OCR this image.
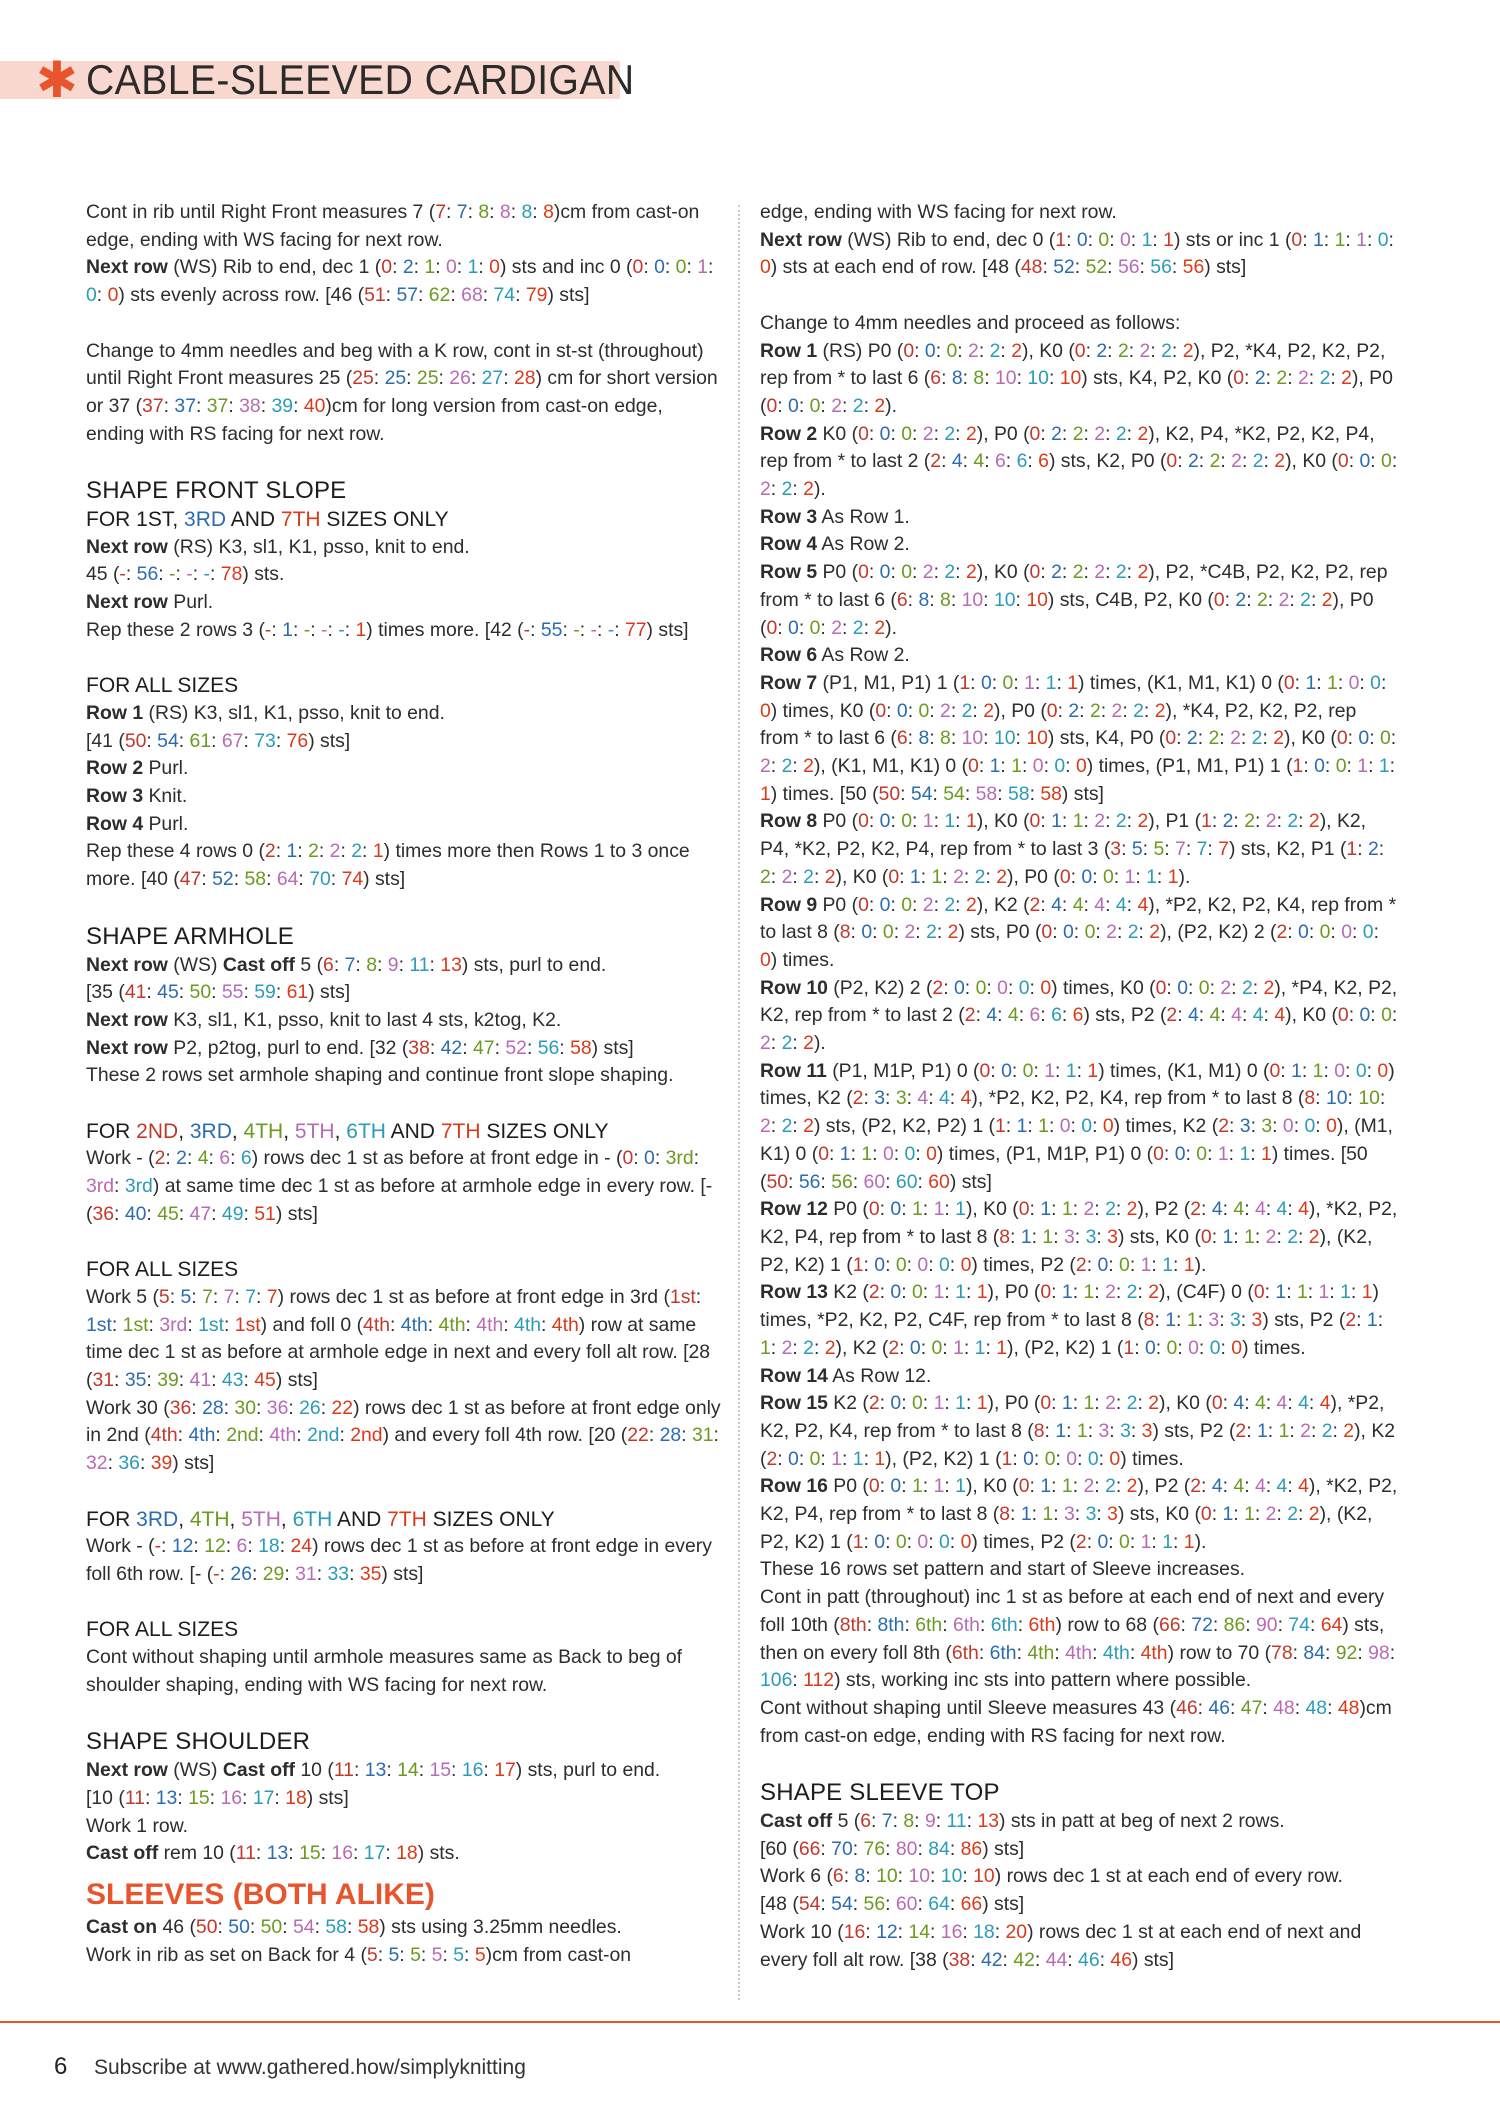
✱ CABLE-SLEEVED CARDIGAN

Cont in rib until Right Front measures 7 (7: 7: 8: 8: 8: 8)cm from cast-on edge, ending with WS facing for next row.

Next row (WS) Rib to end, dec 1 (0: 2: 1: 0: 1: 0) sts and inc 0 (0: 0: 0: 1: 0: 0) sts evenly across row. [46 (51: 57: 62: 68: 74: 79) sts]

Change to 4mm needles and beg with a K row, cont in st-st (throughout) until Right Front measures 25 (25: 25: 25: 26: 27: 28) cm for short version or 37 (37: 37: 37: 38: 39: 40)cm for long version from cast-on edge, ending with RS facing for next row.

SHAPE FRONT SLOPE
FOR 1ST, 3RD AND 7TH SIZES ONLY

Next row (RS) K3, sl1, K1, psso, knit to end.

45 (-: 56: -: -: -: 78) sts.

Next row Purl.

Rep these 2 rows 3 (-: 1: -: -: -: 1) times more. [42 (-: 55: -: -: -: 77) sts]

FOR ALL SIZES

Row 1 (RS) K3, sl1, K1, psso, knit to end.

[41 (50: 54: 61: 67: 73: 76) sts]

Row 2 Purl.

Row 3 Knit.

Row 4 Purl.

Rep these 4 rows 0 (2: 1: 2: 2: 2: 1) times more then Rows 1 to 3 once more. [40 (47: 52: 58: 64: 70: 74) sts]

SHAPE ARMHOLE

Next row (WS) Cast off 5 (6: 7: 8: 9: 11: 13) sts, purl to end.

[35 (41: 45: 50: 55: 59: 61) sts]

Next row K3, sl1, K1, psso, knit to last 4 sts, k2tog, K2.

Next row P2, p2tog, purl to end. [32 (38: 42: 47: 52: 56: 58) sts]

These 2 rows set armhole shaping and continue front slope shaping.

FOR 2ND, 3RD, 4TH, 5TH, 6TH AND 7TH SIZES ONLY

Work - (2: 2: 4: 6: 6) rows dec 1 st as before at front edge in - (0: 0: 3rd: 3rd: 3rd) at same time dec 1 st as before at armhole edge in every row. [- (36: 40: 45: 47: 49: 51) sts]

FOR ALL SIZES

Work 5 (5: 5: 7: 7: 7: 7) rows dec 1 st as before at front edge in 3rd (1st: 1st: 1st: 3rd: 1st: 1st) and foll 0 (4th: 4th: 4th: 4th: 4th: 4th) row at same time dec 1 st as before at armhole edge in next and every foll alt row. [28 (31: 35: 39: 41: 43: 45) sts]

Work 30 (36: 28: 30: 36: 26: 22) rows dec 1 st as before at front edge only in 2nd (4th: 4th: 2nd: 4th: 2nd: 2nd) and every foll 4th row. [20 (22: 28: 31: 32: 36: 39) sts]

FOR 3RD, 4TH, 5TH, 6TH AND 7TH SIZES ONLY

Work - (-: 12: 12: 6: 18: 24) rows dec 1 st as before at front edge in every foll 6th row. [- (-: 26: 29: 31: 33: 35) sts]

FOR ALL SIZES

Cont without shaping until armhole measures same as Back to beg of shoulder shaping, ending with WS facing for next row.

SHAPE SHOULDER

Next row (WS) Cast off 10 (11: 13: 14: 15: 16: 17) sts, purl to end.

[10 (11: 13: 15: 16: 17: 18) sts]

Work 1 row.

Cast off rem 10 (11: 13: 15: 16: 17: 18) sts.

SLEEVES (BOTH ALIKE)

Cast on 46 (50: 50: 50: 54: 58: 58) sts using 3.25mm needles.

Work in rib as set on Back for 4 (5: 5: 5: 5: 5: 5)cm from cast-on

edge, ending with WS facing for next row.

Next row (WS) Rib to end, dec 0 (1: 0: 0: 0: 1: 1) sts or inc 1 (0: 1: 1: 1: 0: 0) sts at each end of row. [48 (48: 52: 52: 56: 56: 56) sts]

Change to 4mm needles and proceed as follows:

Row 1 (RS) P0 (0: 0: 0: 2: 2: 2), K0 (0: 2: 2: 2: 2: 2), P2, *K4, P2, K2, P2, rep from * to last 6 (6: 8: 8: 10: 10: 10) sts, K4, P2, K0 (0: 2: 2: 2: 2: 2), P0 (0: 0: 0: 2: 2: 2).

Row 2 K0 (0: 0: 0: 2: 2: 2), P0 (0: 2: 2: 2: 2: 2), K2, P4, *K2, P2, K2, P4, rep from * to last 2 (2: 4: 4: 6: 6: 6) sts, K2, P0 (0: 2: 2: 2: 2: 2), K0 (0: 0: 0: 2: 2: 2).

Row 3 As Row 1.

Row 4 As Row 2.

Row 5 P0 (0: 0: 0: 2: 2: 2), K0 (0: 2: 2: 2: 2: 2), P2, *C4B, P2, K2, P2, rep from * to last 6 (6: 8: 8: 10: 10: 10) sts, C4B, P2, K0 (0: 2: 2: 2: 2: 2), P0 (0: 0: 0: 2: 2: 2).

Row 6 As Row 2.

Row 7 (P1, M1, P1) 1 (1: 0: 0: 1: 1: 1) times, (K1, M1, K1) 0 (0: 1: 1: 0: 0: 0) times, K0 (0: 0: 0: 2: 2: 2), P0 (0: 2: 2: 2: 2: 2), *K4, P2, K2, P2, rep from * to last 6 (6: 8: 8: 10: 10: 10) sts, K4, P0 (0: 2: 2: 2: 2: 2), K0 (0: 0: 0: 2: 2: 2), (K1, M1, K1) 0 (0: 1: 1: 0: 0: 0) times, (P1, M1, P1) 1 (1: 0: 0: 1: 1: 1) times. [50 (50: 54: 54: 58: 58: 58) sts]

Row 8 P0 (0: 0: 0: 1: 1: 1), K0 (0: 1: 1: 2: 2: 2), P1 (1: 2: 2: 2: 2: 2), K2, P4, *K2, P2, K2, P4, rep from * to last 3 (3: 5: 5: 7: 7: 7) sts, K2, P1 (1: 2: 2: 2: 2: 2), K0 (0: 1: 1: 2: 2: 2), P0 (0: 0: 0: 1: 1: 1).

Row 9 P0 (0: 0: 0: 2: 2: 2), K2 (2: 4: 4: 4: 4: 4), *P2, K2, P2, K4, rep from * to last 8 (8: 0: 0: 2: 2: 2) sts, P0 (0: 0: 0: 2: 2: 2), (P2, K2) 2 (2: 0: 0: 0: 0: 0) times.

Row 10 (P2, K2) 2 (2: 0: 0: 0: 0: 0) times, K0 (0: 0: 0: 2: 2: 2), *P4, K2, P2, K2, rep from * to last 2 (2: 4: 4: 6: 6: 6) sts, P2 (2: 4: 4: 4: 4: 4), K0 (0: 0: 0: 2: 2: 2).

Row 11 (P1, M1P, P1) 0 (0: 0: 0: 1: 1: 1) times, (K1, M1) 0 (0: 1: 1: 0: 0: 0) times, K2 (2: 3: 3: 4: 4: 4), *P2, K2, P2, K4, rep from * to last 8 (8: 10: 10: 2: 2: 2) sts, (P2, K2, P2) 1 (1: 1: 1: 0: 0: 0) times, K2 (2: 3: 3: 0: 0: 0), (M1, K1) 0 (0: 1: 1: 0: 0: 0) times, (P1, M1P, P1) 0 (0: 0: 0: 1: 1: 1) times. [50 (50: 56: 56: 60: 60: 60) sts]

Row 12 P0 (0: 0: 1: 1: 1), K0 (0: 1: 1: 2: 2: 2), P2 (2: 4: 4: 4: 4: 4), *K2, P2, K2, P4, rep from * to last 8 (8: 1: 1: 3: 3: 3) sts, K0 (0: 1: 1: 2: 2: 2), (K2, P2, K2) 1 (1: 0: 0: 0: 0: 0) times, P2 (2: 0: 0: 1: 1: 1).

Row 13 K2 (2: 0: 0: 1: 1: 1), P0 (0: 1: 1: 2: 2: 2), (C4F) 0 (0: 1: 1: 1: 1: 1) times, *P2, K2, P2, C4F, rep from * to last 8 (8: 1: 1: 3: 3: 3) sts, P2 (2: 1: 1: 2: 2: 2), K2 (2: 0: 0: 1: 1: 1), (P2, K2) 1 (1: 0: 0: 0: 0: 0) times.

Row 14 As Row 12.

Row 15 K2 (2: 0: 0: 1: 1: 1), P0 (0: 1: 1: 2: 2: 2), K0 (0: 4: 4: 4: 4: 4), *P2, K2, P2, K4, rep from * to last 8 (8: 1: 1: 3: 3: 3) sts, P2 (2: 1: 1: 2: 2: 2), K2 (2: 0: 0: 1: 1: 1), (P2, K2) 1 (1: 0: 0: 0: 0: 0) times.

Row 16 P0 (0: 0: 1: 1: 1), K0 (0: 1: 1: 2: 2: 2), P2 (2: 4: 4: 4: 4: 4), *K2, P2, K2, P4, rep from * to last 8 (8: 1: 1: 3: 3: 3) sts, K0 (0: 1: 1: 2: 2: 2), (K2, P2, K2) 1 (1: 0: 0: 0: 0: 0) times, P2 (2: 0: 0: 1: 1: 1).

These 16 rows set pattern and start of Sleeve increases.

Cont in patt (throughout) inc 1 st as before at each end of next and every foll 10th (8th: 8th: 6th: 6th: 6th: 6th) row to 68 (66: 72: 86: 90: 74: 64) sts, then on every foll 8th (6th: 6th: 4th: 4th: 4th: 4th) row to 70 (78: 84: 92: 98: 106: 112) sts, working inc sts into pattern where possible.

Cont without shaping until Sleeve measures 43 (46: 46: 47: 48: 48: 48)cm from cast-on edge, ending with RS facing for next row.

SHAPE SLEEVE TOP

Cast off 5 (6: 7: 8: 9: 11: 13) sts in patt at beg of next 2 rows.

[60 (66: 70: 76: 80: 84: 86) sts]

Work 6 (6: 8: 10: 10: 10: 10) rows dec 1 st at each end of every row.

[48 (54: 54: 56: 60: 64: 66) sts]

Work 10 (16: 12: 14: 16: 18: 20) rows dec 1 st at each end of next and every foll alt row. [38 (38: 42: 42: 44: 46: 46) sts]

6 Subscribe at www.gathered.how/simplyknitting
